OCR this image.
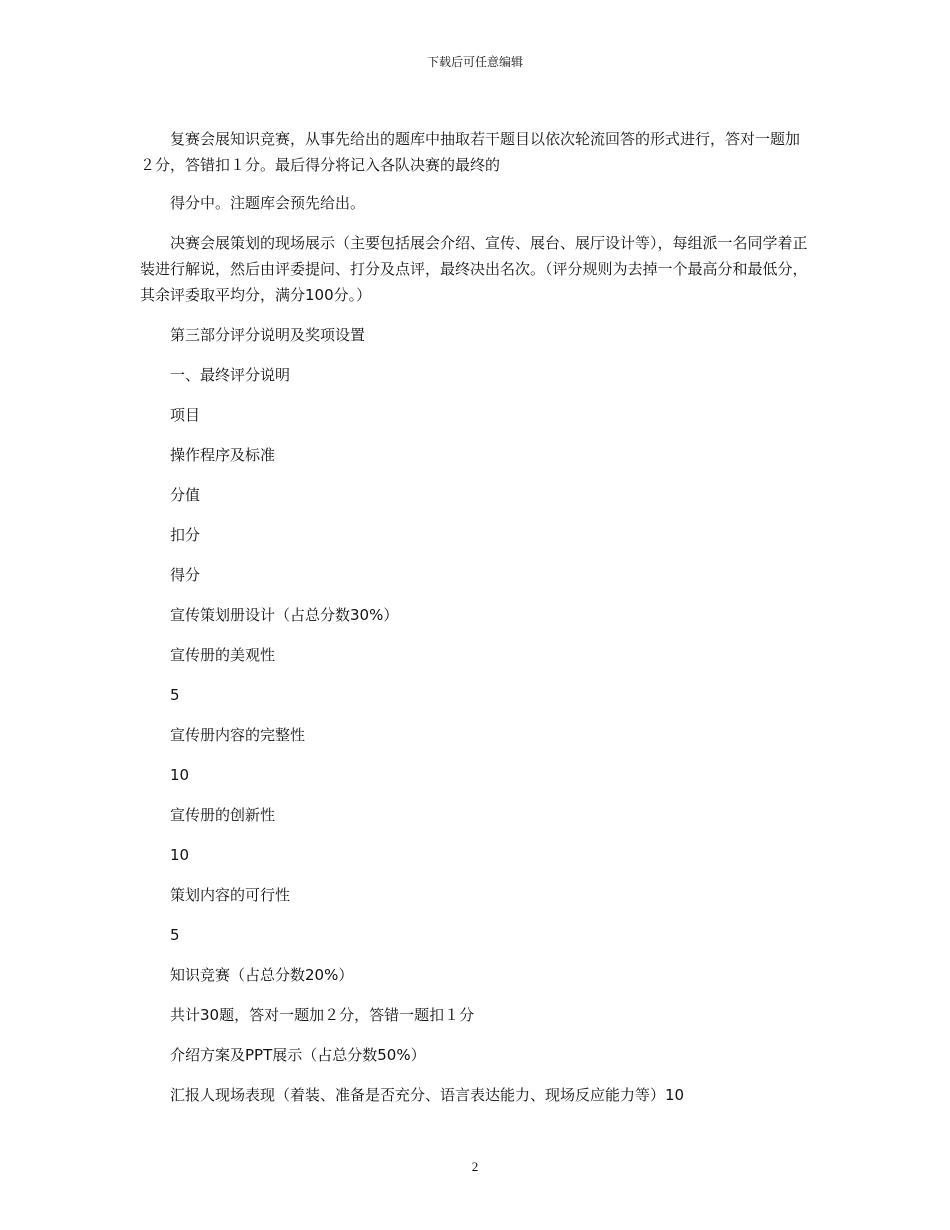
下载后可任意编辑

复赛会展知识竞赛，从事先给出的题库中抽取若干题目以依次轮流回答的形式进行，答对一题加２分，答错扣１分。最后得分将记入各队决赛的最终的

得分中。注题库会预先给出。

决赛会展策划的现场展示（主要包括展会介绍、宣传、展台、展厅设计等），每组派一名同学着正装进行解说，然后由评委提问、打分及点评，最终决出名次。（评分规则为去掉一个最高分和最低分，其余评委取平均分，满分100分。）

第三部分评分说明及奖项设置
一、最终评分说明
项目
操作程序及标准
分值
扣分
得分
宣传策划册设计（占总分数30%）
宣传册的美观性
5
宣传册内容的完整性
10
宣传册的创新性
10
策划内容的可行性
5
知识竞赛（占总分数20%）
共计30题，答对一题加２分，答错一题扣１分
介绍方案及PPT展示（占总分数50%）
汇报人现场表现（着装、准备是否充分、语言表达能力、现场反应能力等）10
2
